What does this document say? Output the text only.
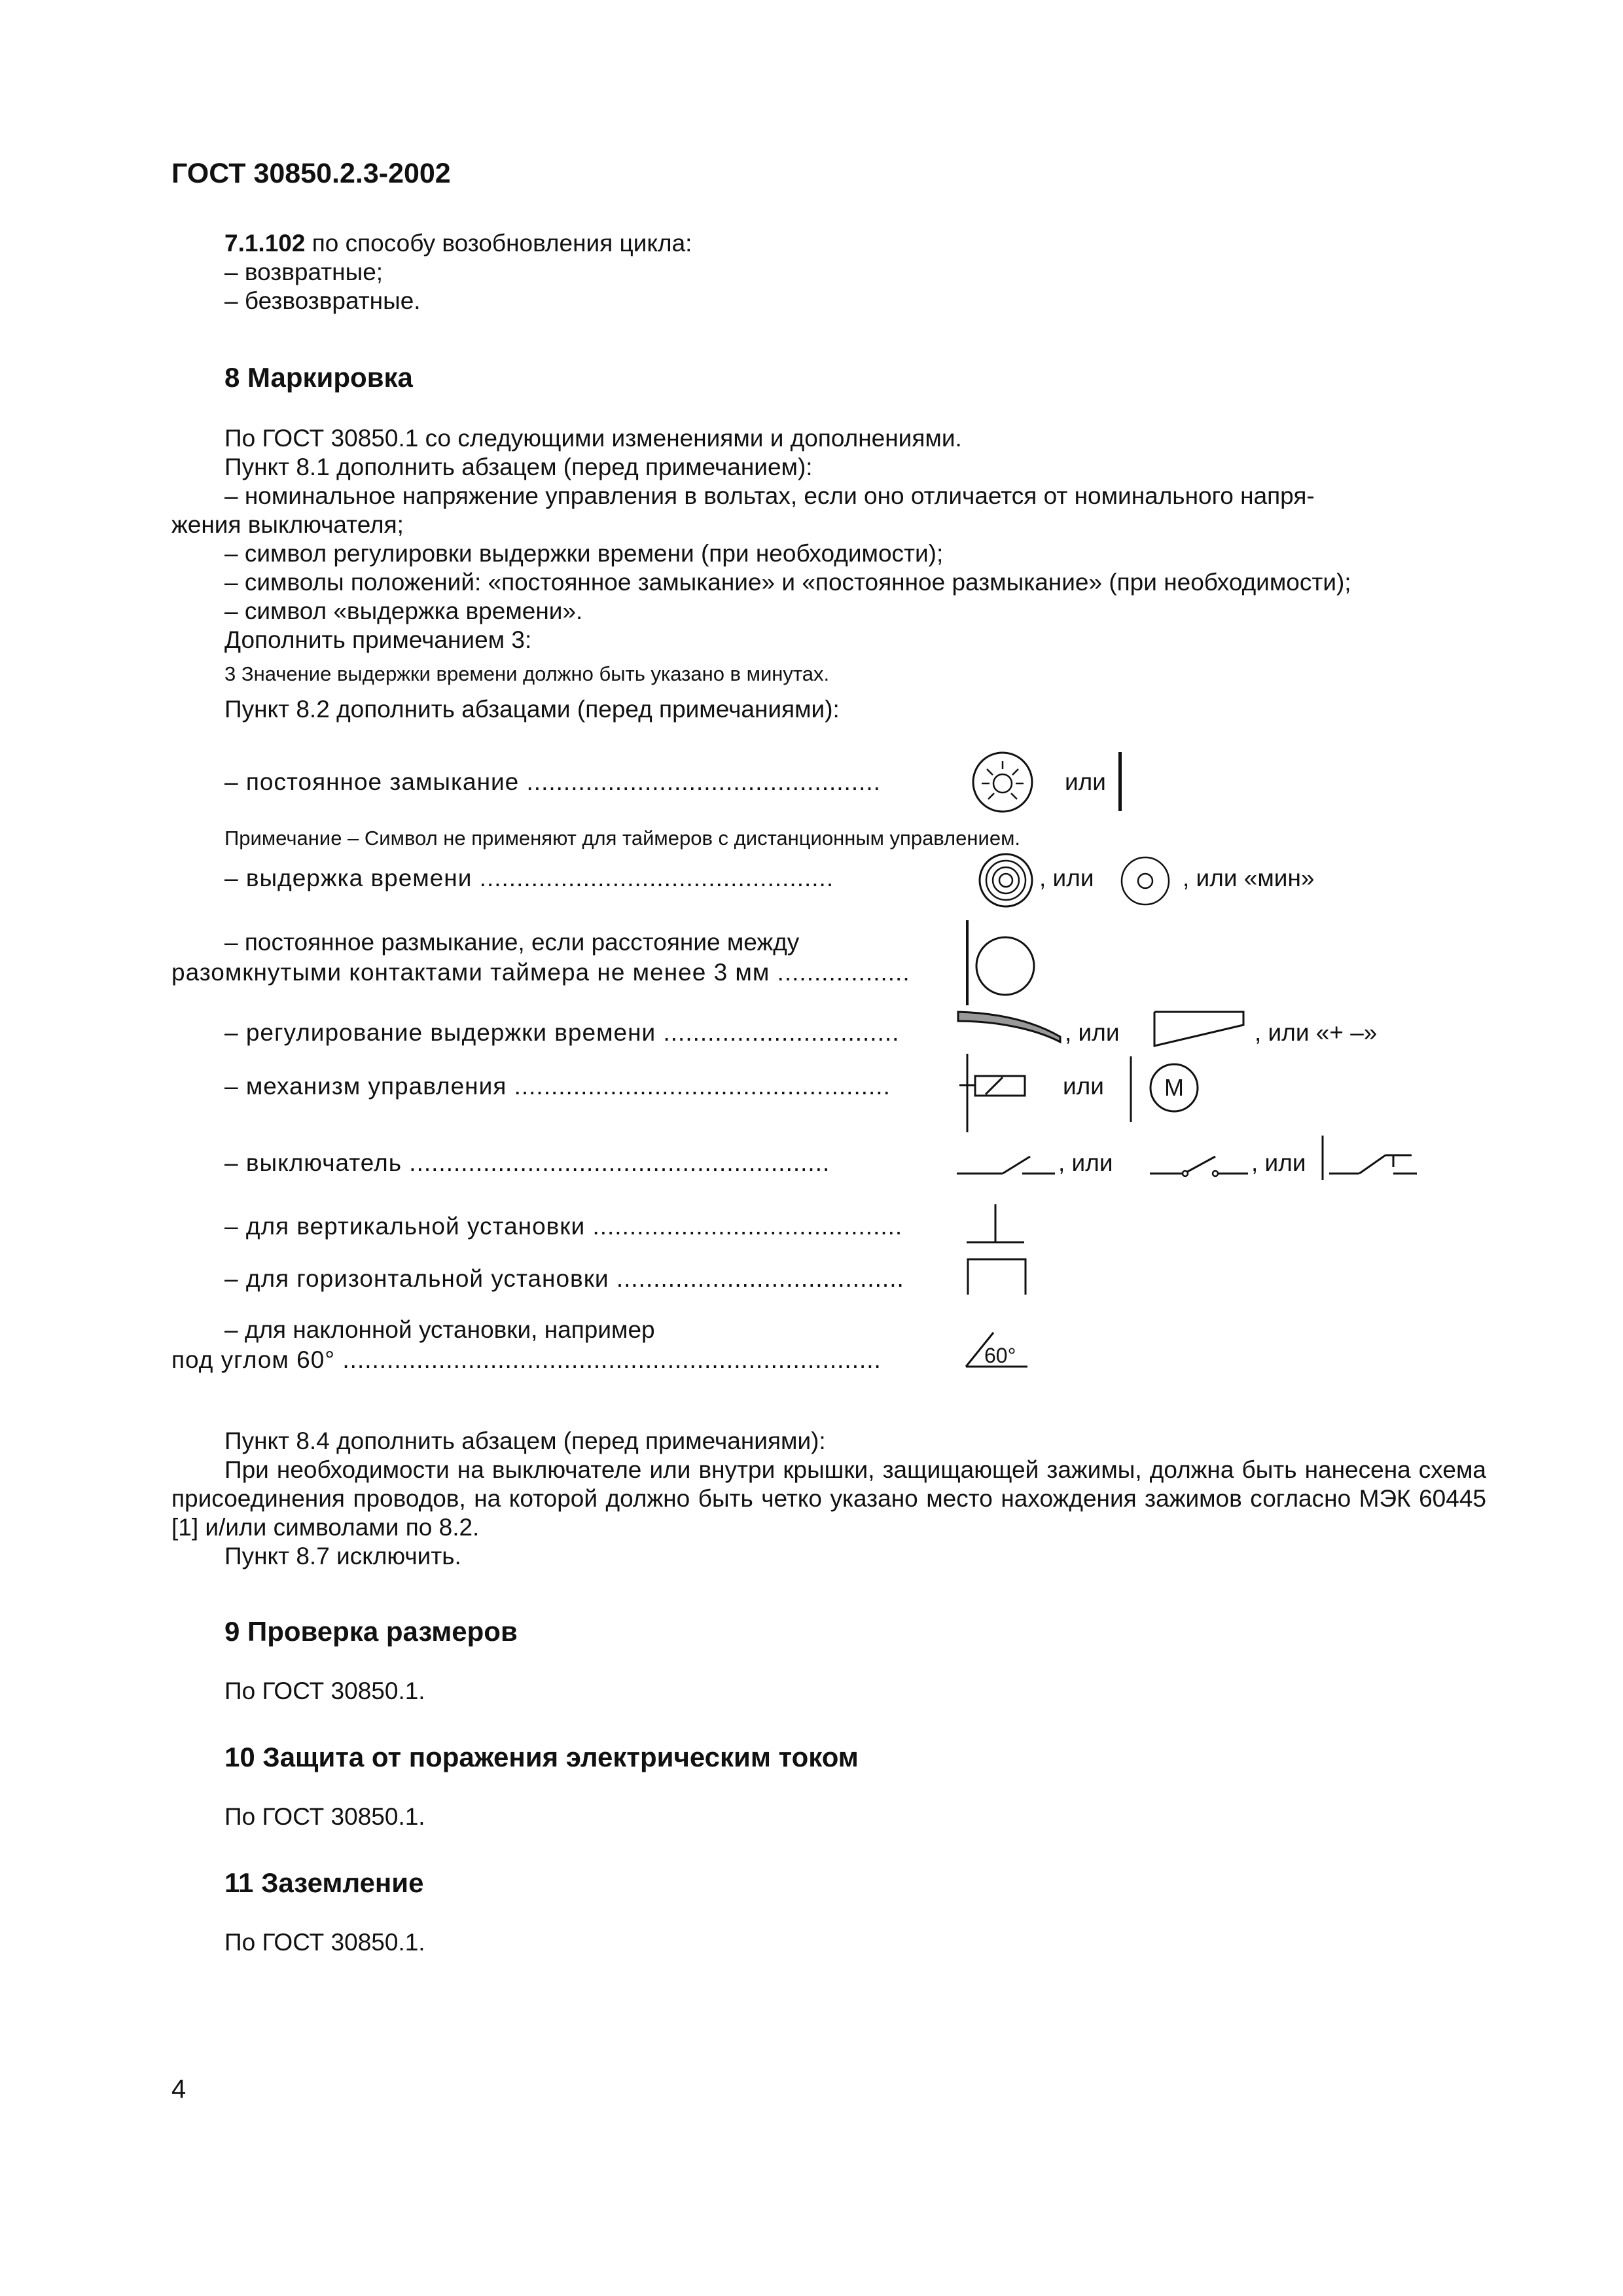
ГОСТ 30850.2.3-2002
7.1.102 по способу возобновления цикла:
– возвратные;
– безвозвратные.
8 Маркировка
По ГОСТ 30850.1 со следующими изменениями и дополнениями.
Пункт 8.1 дополнить абзацем (перед примечанием):
– номинальное напряжение управления в вольтах, если оно отличается от номинального напря-
жения выключателя;
– символ регулировки выдержки времени (при необходимости);
– символы положений: «постоянное замыкание» и «постоянное размыкание» (при необходимости);
– символ «выдержка времени».
Дополнить примечанием 3:
3 Значение выдержки времени должно быть указано в минутах.
Пункт 8.2 дополнить абзацами (перед примечаниями):
– постоянное замыкание ................................................	или
Примечание – Символ не применяют для таймеров с дистанционным управлением.
– выдержка времени ................................................	, или	, или «мин»
– постоянное размыкание, если расстояние между
разомкнутыми контактами таймера не менее 3 мм ..................
– регулирование выдержки времени ................................	, или	, или «+ –»
– механизм управления ...................................................	или	M
– выключатель .........................................................	, или	, или
– для вертикальной установки ..........................................
– для горизонтальной установки .......................................
– для наклонной установки, например
под углом 60° .........................................................................	60°
Пункт 8.4 дополнить абзацем (перед примечаниями):
При необходимости на выключателе или внутри крышки, защищающей зажимы, должна быть нанесена схема присоединения проводов, на которой должно быть четко указано место нахождения зажимов согласно МЭК 60445 [1] и/или символами по 8.2.
Пункт 8.7 исключить.
9 Проверка размеров
По ГОСТ 30850.1.
10 Защита от поражения электрическим током
По ГОСТ 30850.1.
11 Заземление
По ГОСТ 30850.1.
4
